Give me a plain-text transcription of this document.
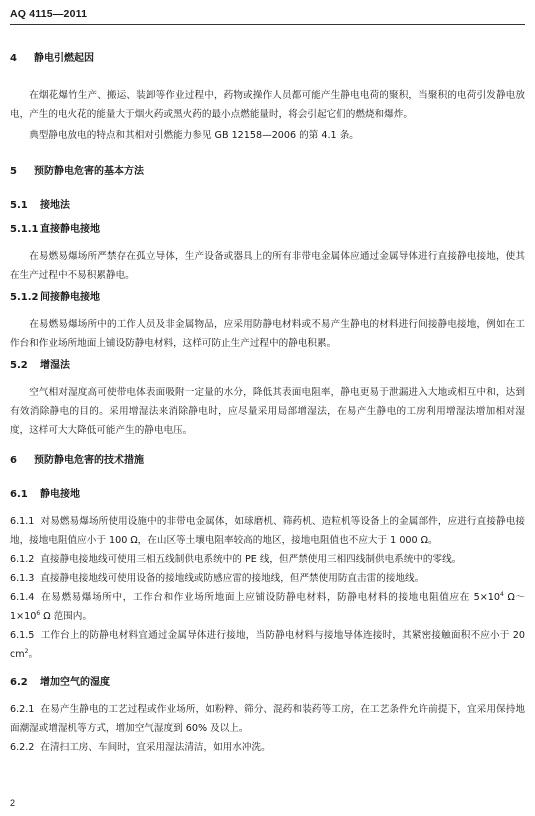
AQ 4115—2011
4 静电引燃起因

在烟花爆竹生产、搬运、装卸等作业过程中，药物或操作人员都可能产生静电电荷的聚积，当聚积的电荷引发静电放电，产生的电火花的能量大于烟火药或黑火药的最小点燃能量时，将会引起它们的燃烧和爆炸。

典型静电放电的特点和其相对引燃能力参见 GB 12158—2006 的第 4.1 条。

5 预防静电危害的基本方法
5.1 接地法
5.1.1 直接静电接地

在易燃易爆场所严禁存在孤立导体，生产设备或器具上的所有非带电金属体应通过金属导体进行直接静电接地，使其在生产过程中不易积累静电。

5.1.2 间接静电接地

在易燃易爆场所中的工作人员及非金属物品，应采用防静电材料或不易产生静电的材料进行间接静电接地，例如在工作台和作业场所地面上铺设防静电材料，这样可防止生产过程中的静电积累。

5.2 增湿法

空气相对湿度高可使带电体表面吸附一定量的水分，降低其表面电阻率，静电更易于泄漏进入大地或相互中和，达到有效消除静电的目的。采用增湿法来消除静电时，应尽量采用局部增湿法，在易产生静电的工房利用增湿法增加相对湿度，这样可大大降低可能产生的静电电压。

6 预防静电危害的技术措施
6.1 静电接地

6.1.1 对易燃易爆场所使用设施中的非带电金属体，如球磨机、筛药机、造粒机等设备上的金属部件，应进行直接静电接地，接地电阻值应小于 100 Ω，在山区等土壤电阻率较高的地区，接地电阻值也不应大于 1 000 Ω。

6.1.2 直接静电接地线可使用三相五线制供电系统中的 PE 线，但严禁使用三相四线制供电系统中的零线。

6.1.3 直接静电接地线可使用设备的接地线或防感应雷的接地线，但严禁使用防直击雷的接地线。

6.1.4 在易燃易爆场所中，工作台和作业场所地面上应铺设防静电材料，防静电材料的接地电阻值应在 $5\times 10^4$ $\Omega\sim 1\times 10^6$ Ω 范围内。

6.1.5 工作台上的防静电材料宜通过金属导体进行接地，当防静电材料与接地导体连接时，其紧密接触面积不应小于 20 $cm^2$。

6.2 增加空气的湿度

6.2.1 在易产生静电的工艺过程或作业场所，如粉粹、筛分、混药和装药等工房，在工艺条件允许前提下，宜采用保持地面潮湿或增湿机等方式，增加空气湿度到 60% 及以上。

6.2.2 在清扫工房、车间时，宜采用湿法清洁，如用水冲洗。

2
